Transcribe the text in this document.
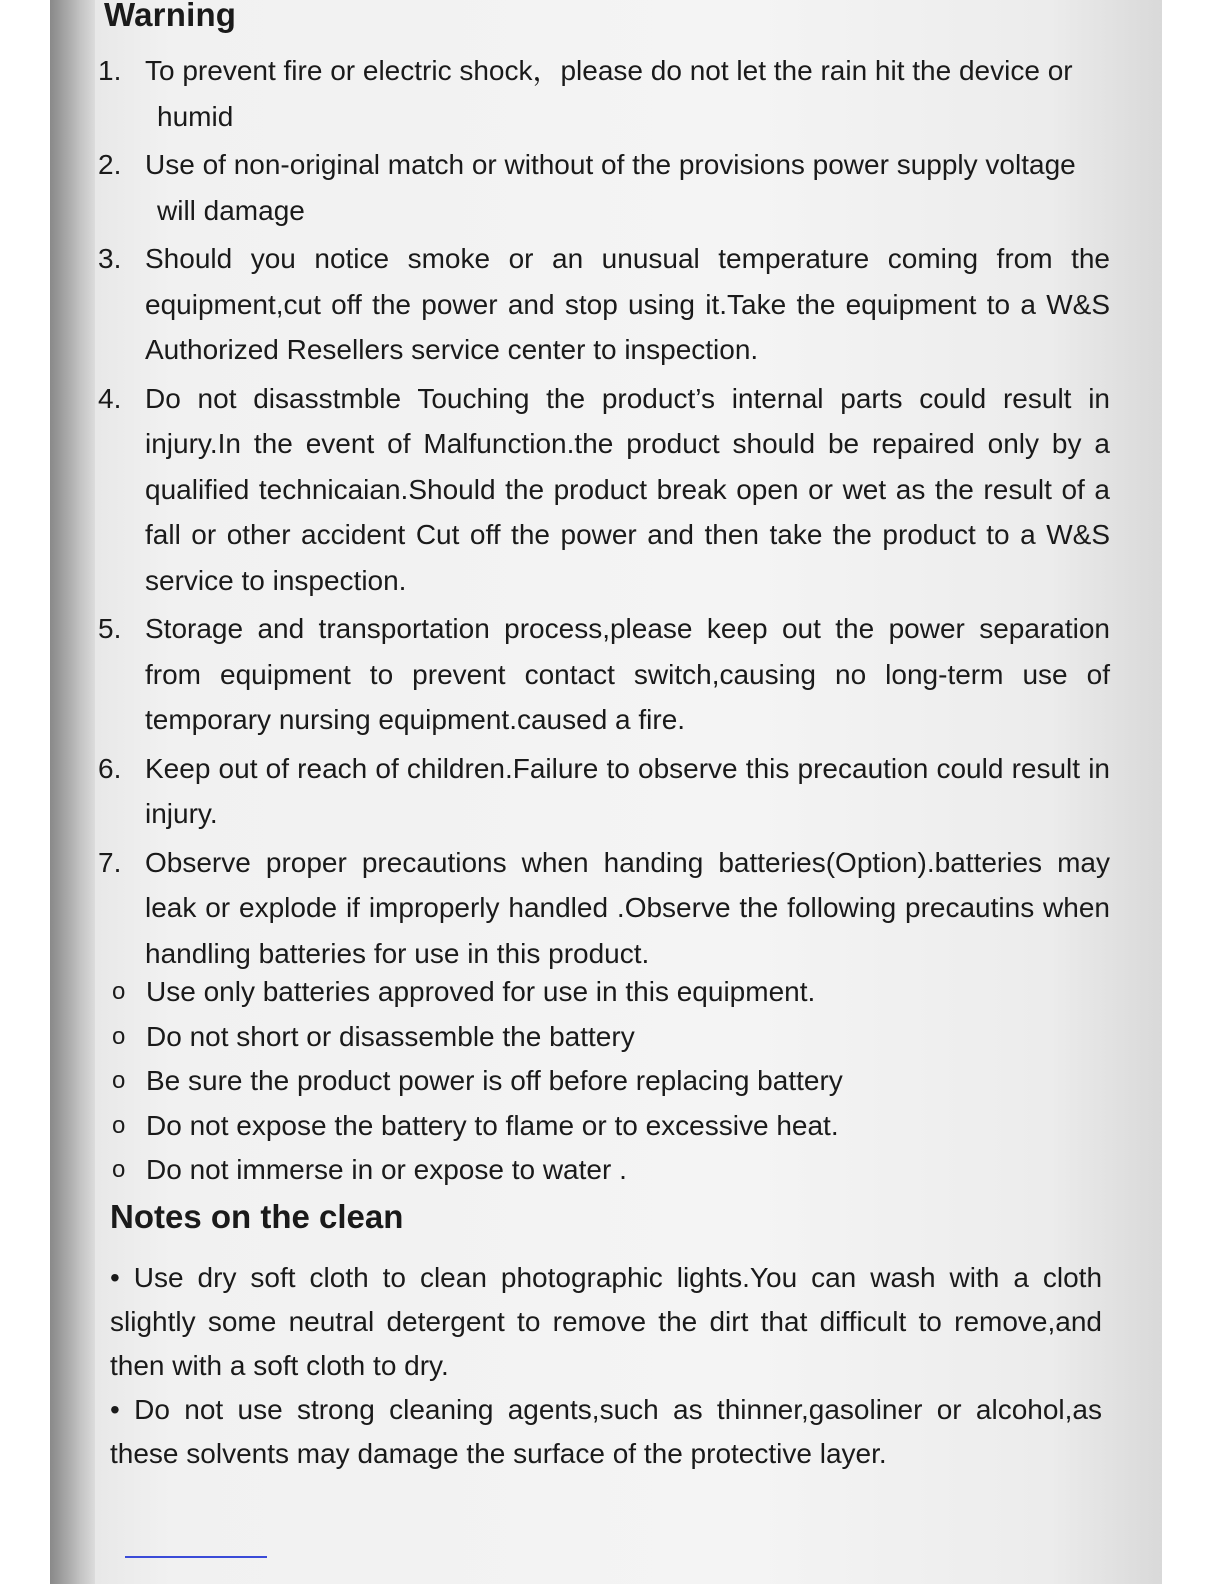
Warning
1. To prevent fire or electric shock，please do not let the rain hit the device or
humid
2. Use of non-original match or without of the provisions power supply voltage
will damage
3. Should you notice smoke or an unusual temperature coming from the equipment,cut off the power and stop using it.Take the equipment to a W&S Authorized Resellers service center to inspection.
4. Do not disasstmble Touching the product’s internal parts could result in injury.In the event of Malfunction.the product should be repaired only by a qualified technicaian.Should the product break open or wet as the result of a fall or other accident Cut off the power and then take the product to a W&S service to inspection.
5. Storage and transportation process,please keep out the power separation from equipment to prevent contact switch,causing no long-term use of temporary nursing equipment.caused a fire.
6. Keep out of reach of children.Failure to observe this precaution could result in injury.
7. Observe proper precautions when handing batteries(Option).batteries may leak or explode if improperly handled .Observe the following precautins when handling batteries for use in this product.
o Use only batteries approved for use in this equipment.
o Do not short or disassemble the battery
o Be sure the product power is off before replacing battery
o Do not expose the battery to flame or to excessive heat.
o Do not immerse in or expose to water .
Notes on the clean

• Use dry soft cloth to clean photographic lights.You can wash with a cloth slightly some neutral detergent to remove the dirt that difficult to remove,and then with a soft cloth to dry.

• Do not use strong cleaning agents,such as thinner,gasoliner or alcohol,as these solvents may damage the surface of the protective layer.
